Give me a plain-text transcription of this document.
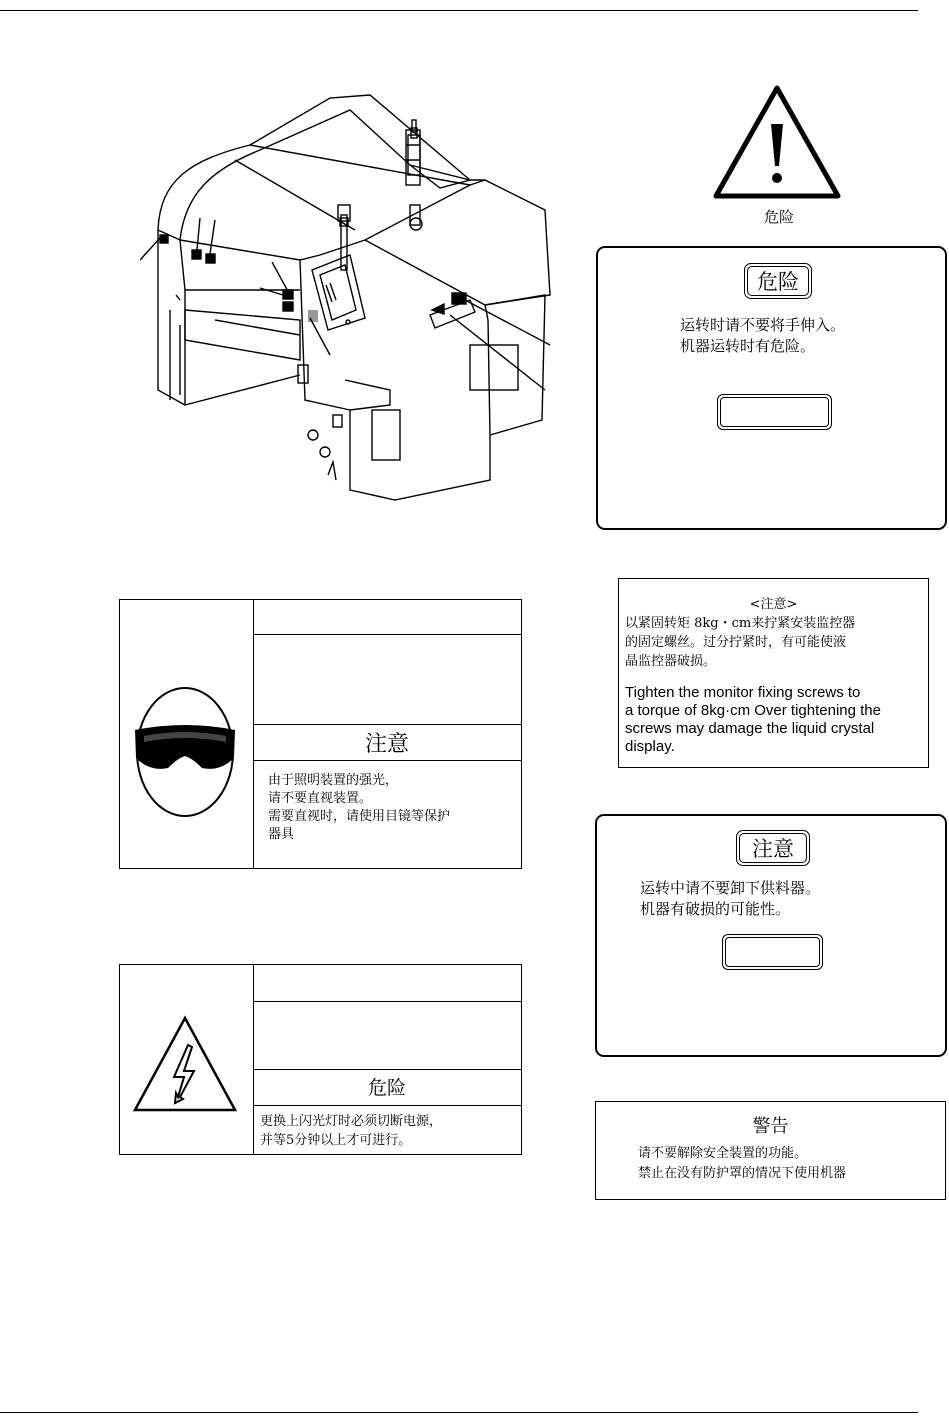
危险
危险
运转时请不要将手伸入。
机器运转时有危险。
<注意>
以紧固转矩 8kg・cm来拧紧安装监控器
的固定螺丝。过分拧紧时，有可能使液
晶监控器破损。
Tighten the monitor fixing screws to
a torque of 8kg·cm Over tightening the
screws may damage the liquid crystal
display.
注意
由于照明装置的强光，
请不要直视装置。
需要直视时，请使用目镜等保护
器具
注意
运转中请不要卸下供料器。
机器有破损的可能性。
危险
更换上闪光灯时必须切断电源，
并等5分钟以上才可进行。
警告
请不要解除安全装置的功能。
禁止在没有防护罩的情况下使用机器
